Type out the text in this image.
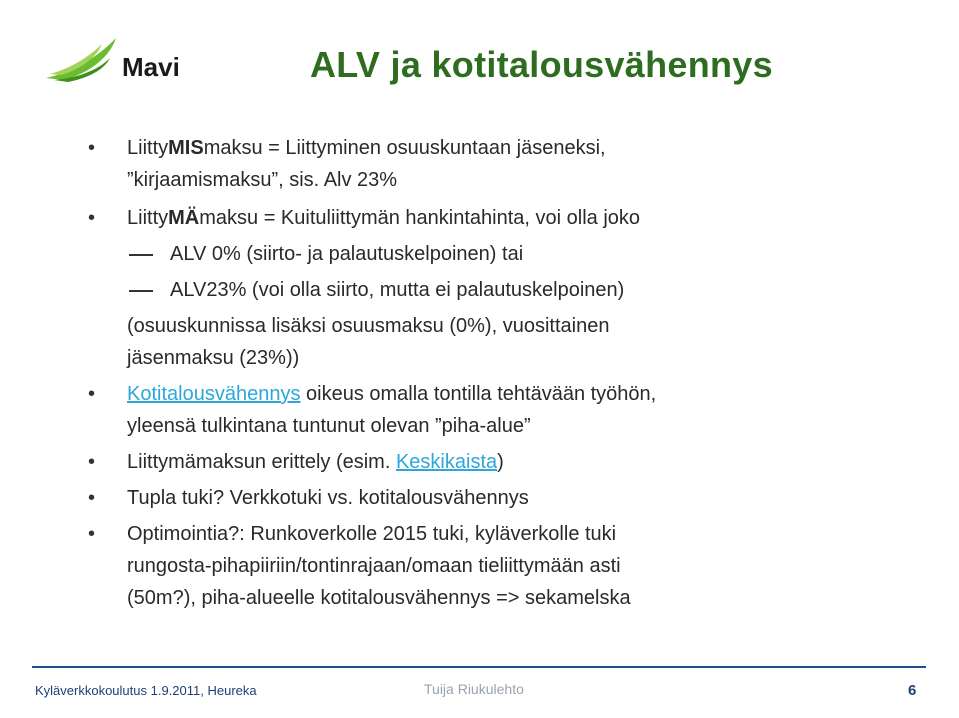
Mavi	ALV ja kotitalousvähennys
• LiittyMISmaksu = Liittyminen osuuskuntaan jäseneksi,
”kirjaamismaksu”, sis. Alv 23%
• LiittyMÄmaksu = Kuituliittymän hankintahinta, voi olla joko
ALV 0% (siirto- ja palautuskelpoinen) tai
ALV23% (voi olla siirto, mutta ei palautuskelpoinen)
(osuuskunnissa lisäksi osuusmaksu (0%), vuosittainen
jäsenmaksu (23%))
• Kotitalousvähennys oikeus omalla tontilla tehtävään työhön,
yleensä tulkintana tuntunut olevan ”piha-alue”
• Liittymämaksun erittely (esim. Keskikaista)
• Tupla tuki? Verkkotuki vs. kotitalousvähennys
• Optimointia?: Runkoverkolle 2015 tuki, kyläverkolle tuki
rungosta-pihapiiriin/tontinrajaan/omaan tieliittymään asti
(50m?), piha-alueelle kotitalousvähennys => sekamelska
Kyläverkkokoulutus 1.9.2011, Heureka	Tuija Riukulehto	6
